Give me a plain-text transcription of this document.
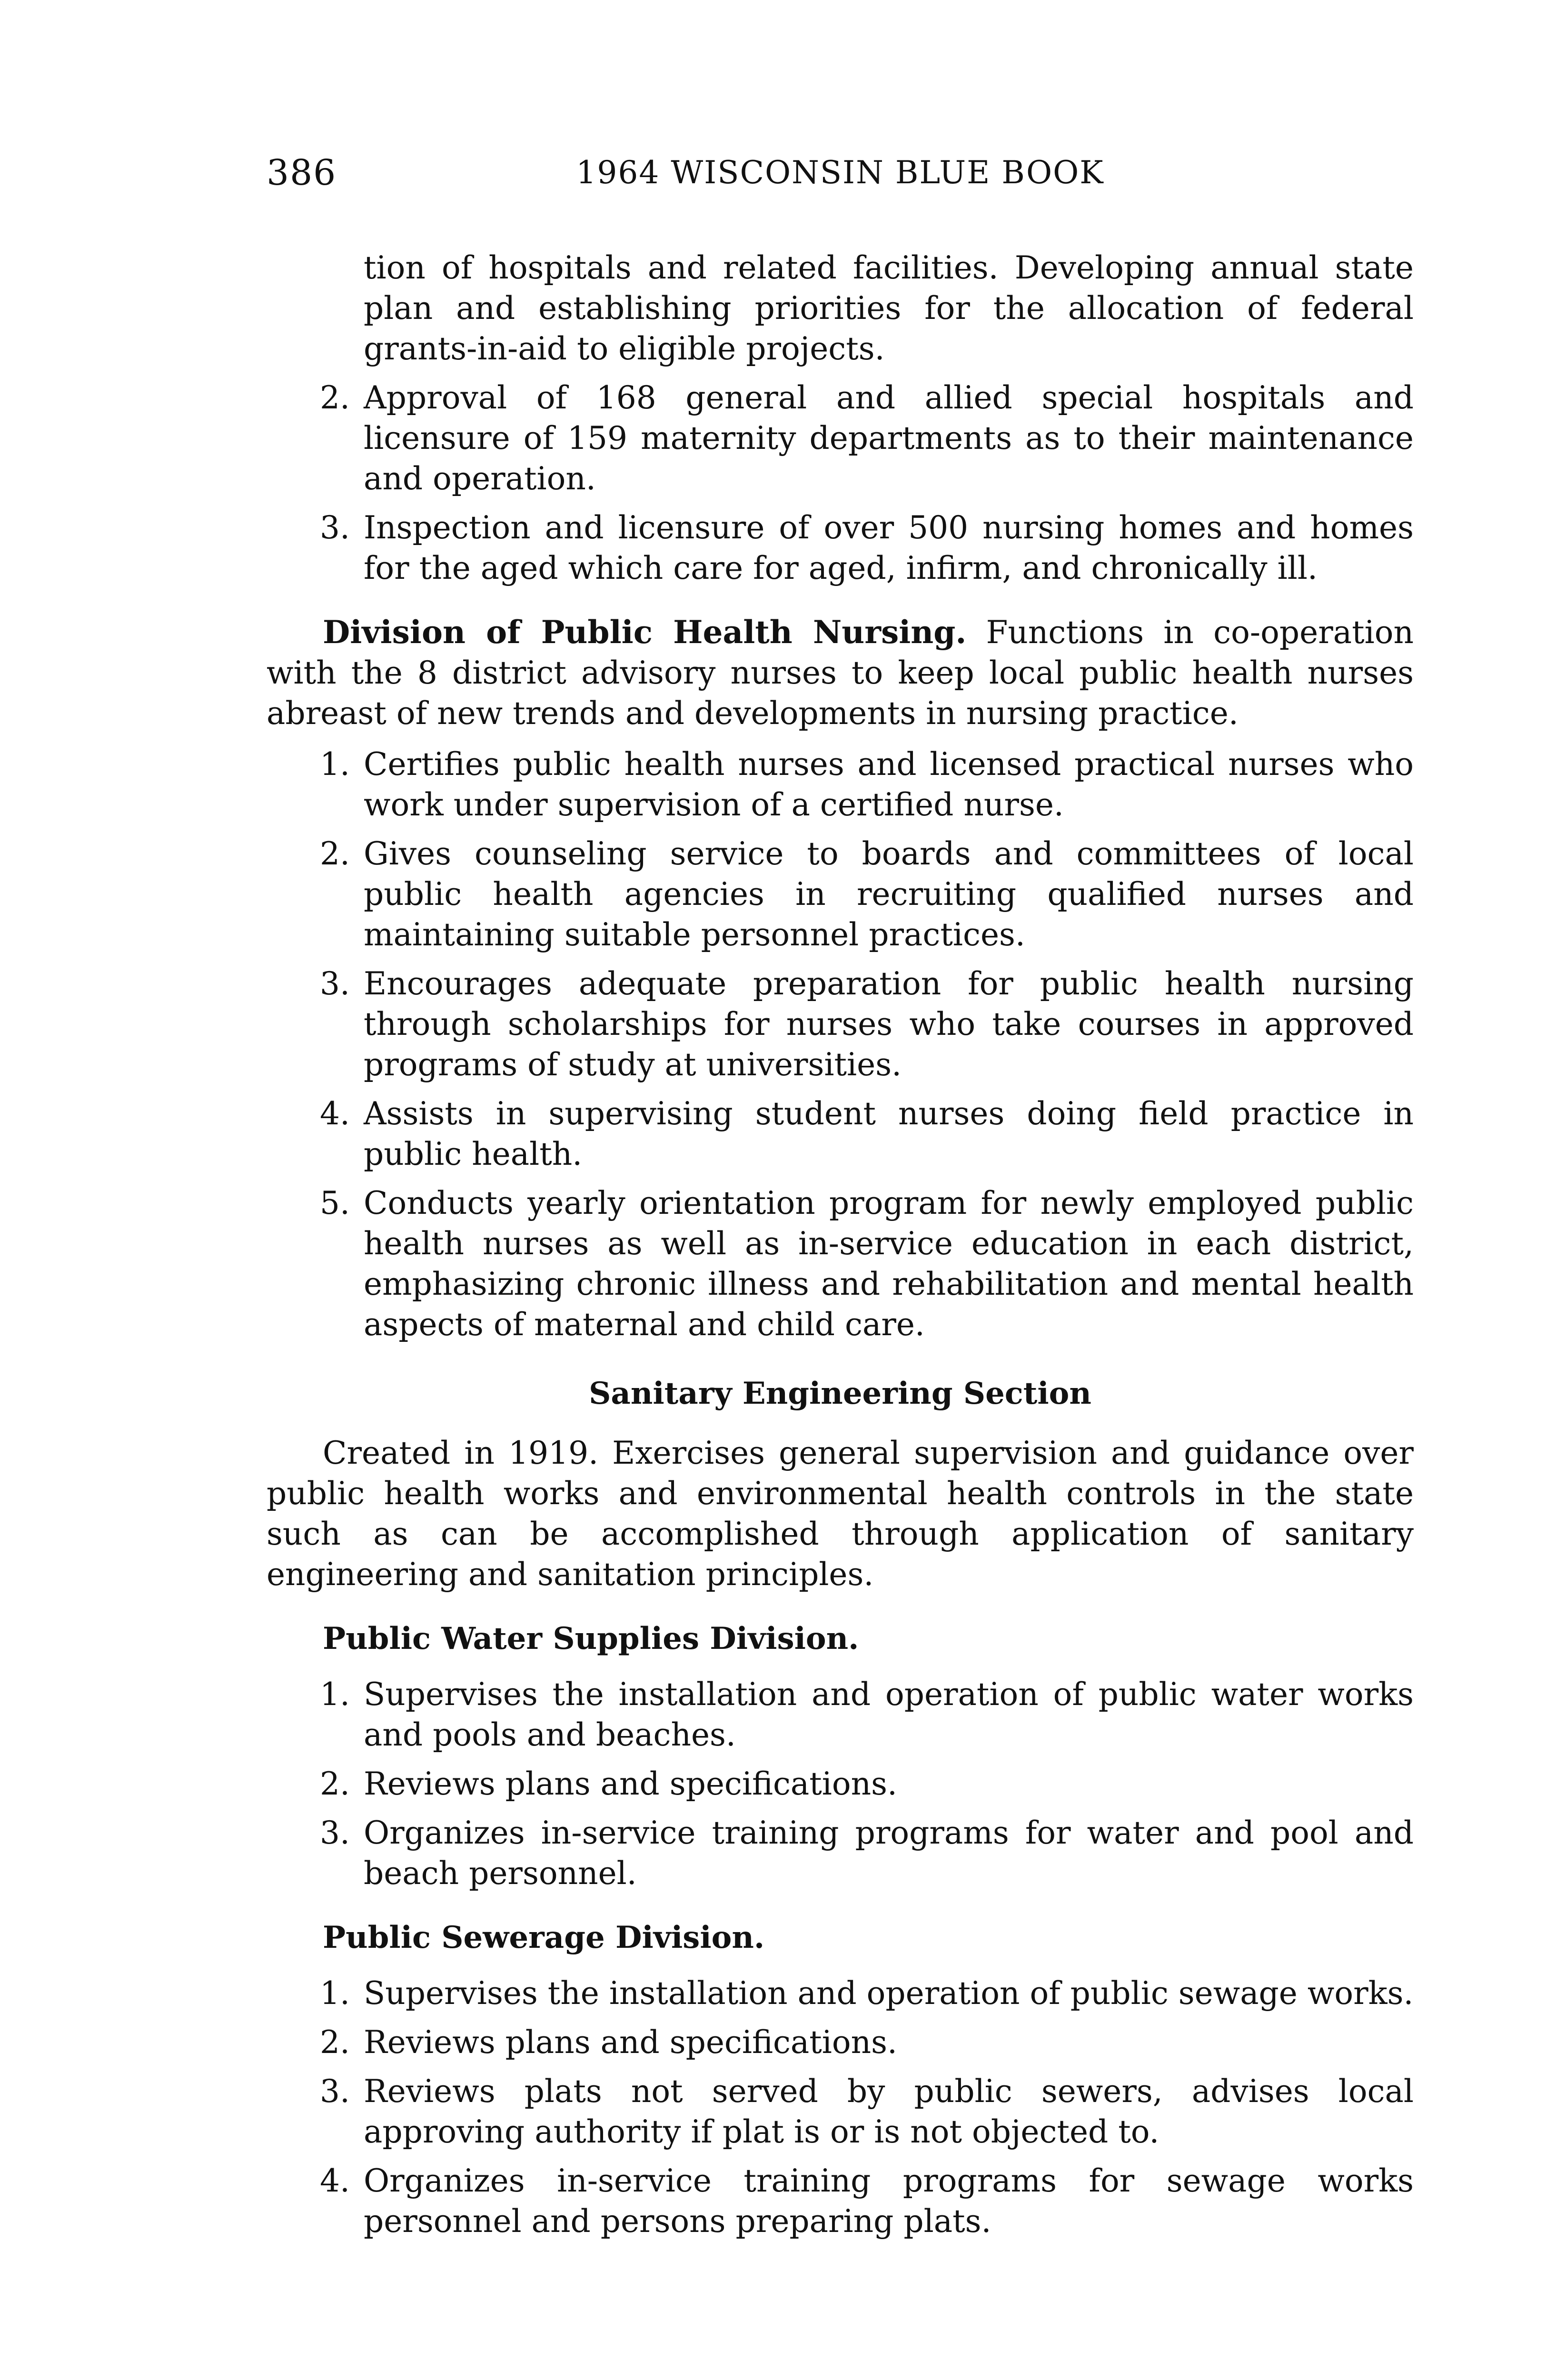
386	1964 WISCONSIN BLUE BOOK

tion of hospitals and related facilities. Developing annual state plan and establishing priorities for the allocation of federal grants-in-aid to eligible projects.

2. Approval of 168 general and allied special hospitals and licensure of 159 maternity departments as to their maintenance and operation.
3. Inspection and licensure of over 500 nursing homes and homes for the aged which care for aged, infirm, and chronically ill.

Division of Public Health Nursing. Functions in co-operation with the 8 district advisory nurses to keep local public health nurses abreast of new trends and developments in nursing practice.

1. Certifies public health nurses and licensed practical nurses who work under supervision of a certified nurse.
2. Gives counseling service to boards and committees of local public health agencies in recruiting qualified nurses and maintaining suitable personnel practices.
3. Encourages adequate preparation for public health nursing through scholarships for nurses who take courses in approved programs of study at universities.
4. Assists in supervising student nurses doing field practice in public health.
5. Conducts yearly orientation program for newly employed public health nurses as well as in-service education in each district, emphasizing chronic illness and rehabilitation and mental health aspects of maternal and child care.
Sanitary Engineering Section

Created in 1919. Exercises general supervision and guidance over public health works and environmental health controls in the state such as can be accomplished through application of sanitary engineering and sanitation principles.

Public Water Supplies Division.
1. Supervises the installation and operation of public water works and pools and beaches.
2. Reviews plans and specifications.
3. Organizes in-service training programs for water and pool and beach personnel.
Public Sewerage Division.
1. Supervises the installation and operation of public sewage works.
2. Reviews plans and specifications.
3. Reviews plats not served by public sewers, advises local approving authority if plat is or is not objected to.
4. Organizes in-service training programs for sewage works personnel and persons preparing plats.
